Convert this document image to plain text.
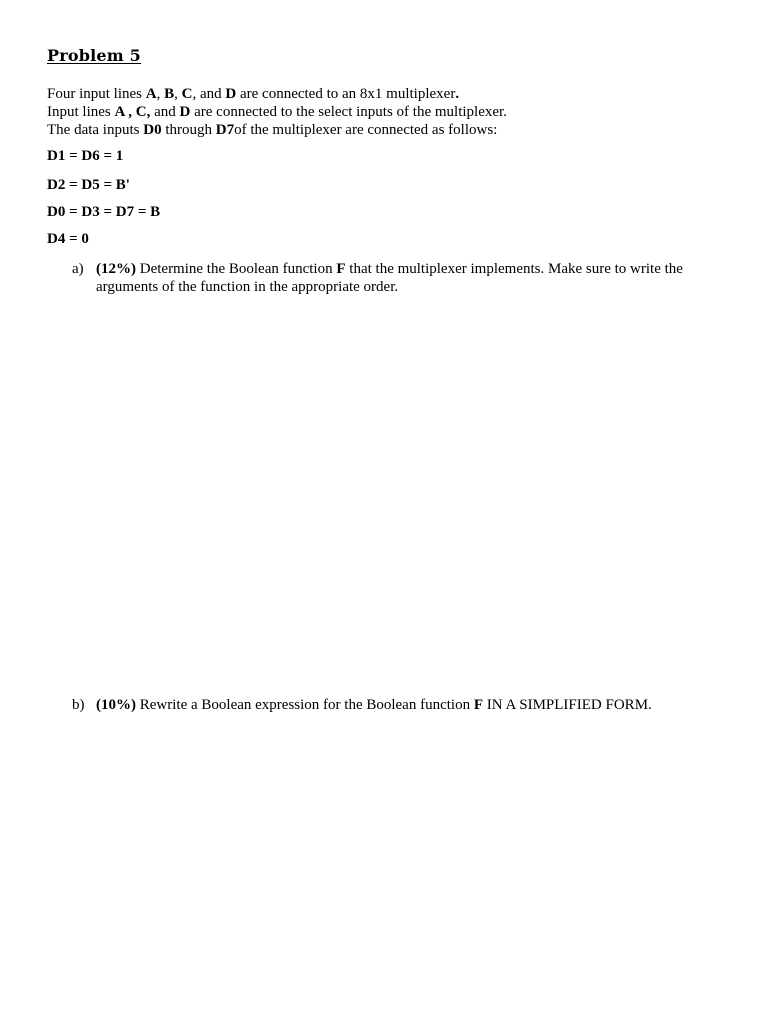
Problem 5
Four input lines A, B, C, and D are connected to an 8x1 multiplexer.
Input lines A , C, and D are connected to the select inputs of the multiplexer.
The data inputs D0 through D7of the multiplexer are connected as follows:
D1 = D6 = 1
D2 = D5 = B'
D0 = D3 = D7 = B
D4 = 0
a) (12%) Determine the Boolean function F that the multiplexer implements. Make sure to write the
arguments of the function in the appropriate order.
b) (10%) Rewrite a Boolean expression for the Boolean function F IN A SIMPLIFIED FORM.
